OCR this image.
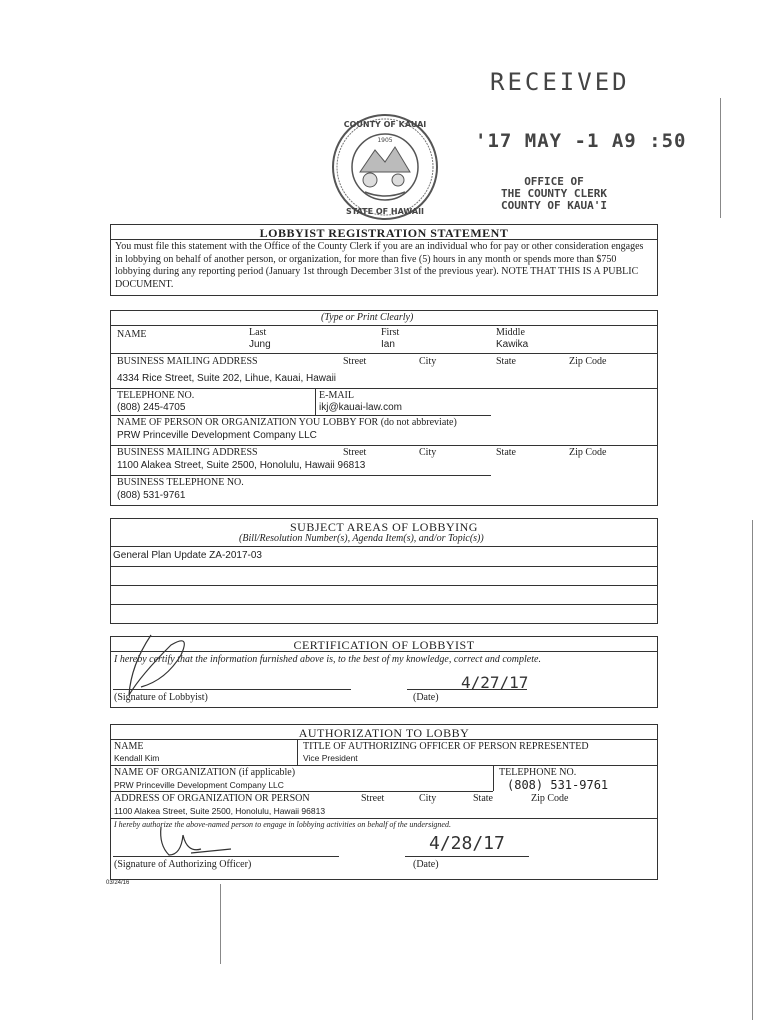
RECEIVED
'17 MAY -1 A9 :50
OFFICE OF
THE COUNTY CLERK
COUNTY OF KAUA'I
COUNTY OF KAUAI
STATE OF HAWAII
1905
LOBBYIST REGISTRATION STATEMENT
You must file this statement with the Office of the County Clerk if you are an individual who for pay or other consideration engages in lobbying on behalf of another person, or organization, for more than five (5) hours in any month or spends more than $750 lobbying during any reporting period (January 1st through December 31st of the previous year). NOTE THAT THIS IS A PUBLIC DOCUMENT.
(Type or Print Clearly)
NAME	Last
Jung
First
Ian
Middle
Kawika
BUSINESS MAILING ADDRESS	Street	City	State	Zip Code
4334 Rice Street, Suite 202, Lihue, Kauai, Hawaii
TELEPHONE NO.
(808) 245-4705
E-MAIL
ikj@kauai-law.com
NAME OF PERSON OR ORGANIZATION YOU LOBBY FOR (do not abbreviate)
PRW Princeville Development Company LLC
BUSINESS MAILING ADDRESS	Street	City	State	Zip Code
1100 Alakea Street, Suite 2500, Honolulu, Hawaii 96813
BUSINESS TELEPHONE NO.
(808) 531-9761
SUBJECT AREAS OF LOBBYING
(Bill/Resolution Number(s), Agenda Item(s), and/or Topic(s))
General Plan Update ZA-2017-03
CERTIFICATION OF LOBBYIST
I hereby certify that the information furnished above is, to the best of my knowledge, correct and complete.
(Signature of Lobbyist)	(Date)
4/27/17
AUTHORIZATION TO LOBBY
NAME
Kendall Kim
TITLE OF AUTHORIZING OFFICER OF PERSON REPRESENTED
Vice President
NAME OF ORGANIZATION (if applicable)
PRW Princeville Development Company LLC
TELEPHONE NO.
(808) 531-9761
ADDRESS OF ORGANIZATION OR PERSON	Street	City	State	Zip Code
1100 Alakea Street, Suite 2500, Honolulu, Hawaii 96813
I hereby authorize the above-named person to engage in lobbying activities on behalf of the undersigned.
(Signature of Authorizing Officer)	(Date)
4/28/17
03/24/16
